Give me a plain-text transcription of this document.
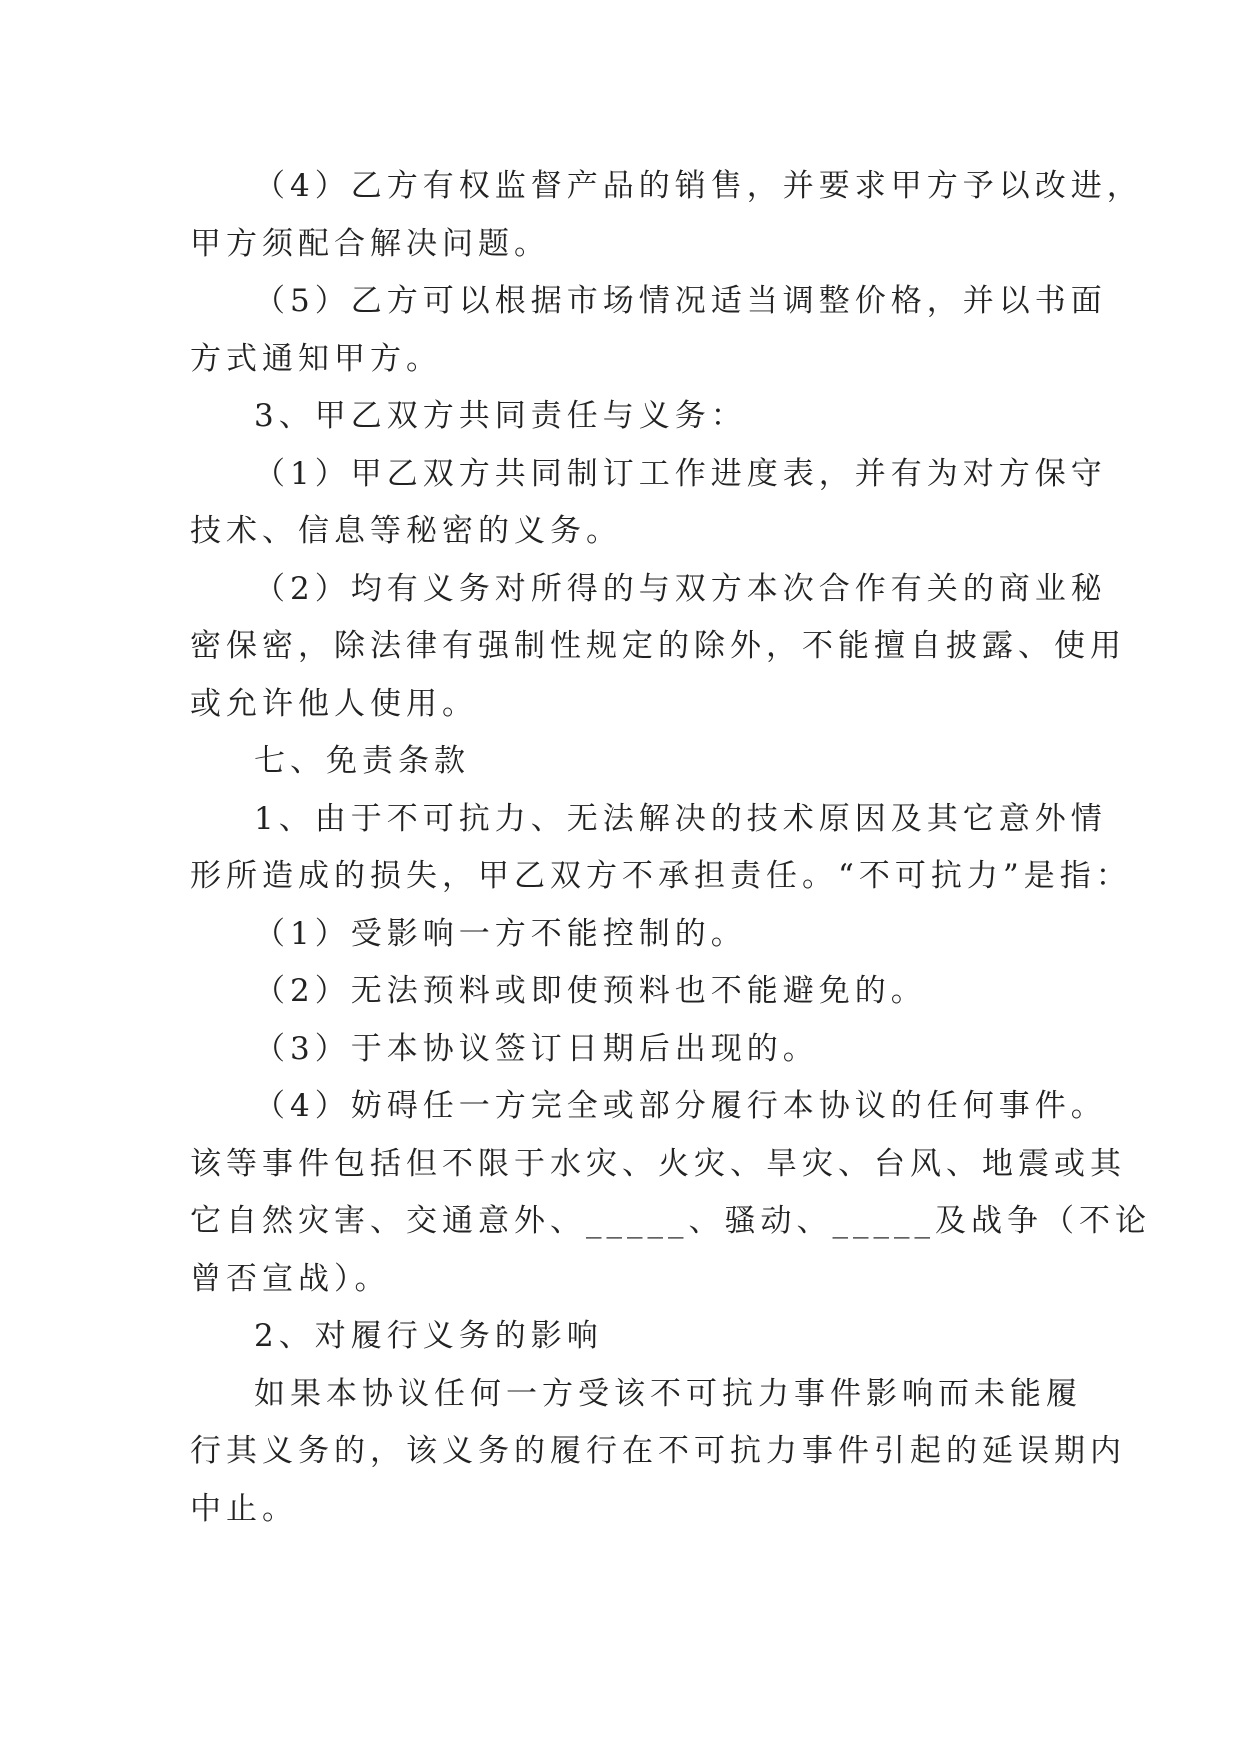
（4）乙方有权监督产品的销售，并要求甲方予以改进，

甲方须配合解决问题。

（5）乙方可以根据市场情况适当调整价格，并以书面

方式通知甲方。

3、甲乙双方共同责任与义务：

（1）甲乙双方共同制订工作进度表，并有为对方保守

技术、信息等秘密的义务。

（2）均有义务对所得的与双方本次合作有关的商业秘

密保密，除法律有强制性规定的除外，不能擅自披露、使用

或允许他人使用。

七、免责条款

1、由于不可抗力、无法解决的技术原因及其它意外情

形所造成的损失，甲乙双方不承担责任。“不可抗力”是指：

（1）受影响一方不能控制的。

（2）无法预料或即使预料也不能避免的。

（3）于本协议签订日期后出现的。

（4）妨碍任一方完全或部分履行本协议的任何事件。

该等事件包括但不限于水灾、火灾、旱灾、台风、地震或其

它自然灾害、交通意外、_____、骚动、_____及战争（不论

曾否宣战）。

2、对履行义务的影响

如果本协议任何一方受该不可抗力事件影响而未能履

行其义务的，该义务的履行在不可抗力事件引起的延误期内

中止。
